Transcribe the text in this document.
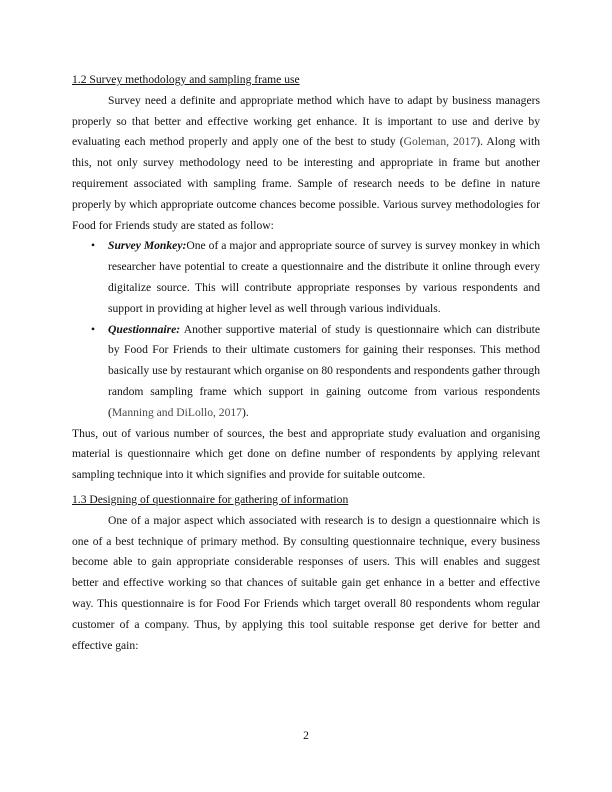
1.2 Survey methodology and sampling frame use

Survey need a definite and appropriate method which have to adapt by business managers properly so that better and effective working get enhance. It is important to use and derive by evaluating each method properly and apply one of the best to study (Goleman, 2017). Along with this, not only survey methodology need to be interesting and appropriate in frame but another requirement associated with sampling frame. Sample of research needs to be define in nature properly by which appropriate outcome chances become possible. Various survey methodologies for Food for Friends study are stated as follow:

• Survey Monkey:One of a major and appropriate source of survey is survey monkey in which researcher have potential to create a questionnaire and the distribute it online through every digitalize source. This will contribute appropriate responses by various respondents and support in providing at higher level as well through various individuals.
• Questionnaire: Another supportive material of study is questionnaire which can distribute by Food For Friends to their ultimate customers for gaining their responses. This method basically use by restaurant which organise on 80 respondents and respondents gather through random sampling frame which support in gaining outcome from various respondents (Manning and DiLollo, 2017).

Thus, out of various number of sources, the best and appropriate study evaluation and organising material is questionnaire which get done on define number of respondents by applying relevant sampling technique into it which signifies and provide for suitable outcome.

1.3 Designing of questionnaire for gathering of information

One of a major aspect which associated with research is to design a questionnaire which is one of a best technique of primary method. By consulting questionnaire technique, every business become able to gain appropriate considerable responses of users. This will enables and suggest better and effective working so that chances of suitable gain get enhance in a better and effective way. This questionnaire is for Food For Friends which target overall 80 respondents whom regular customer of a company. Thus, by applying this tool suitable response get derive for better and effective gain:

2
